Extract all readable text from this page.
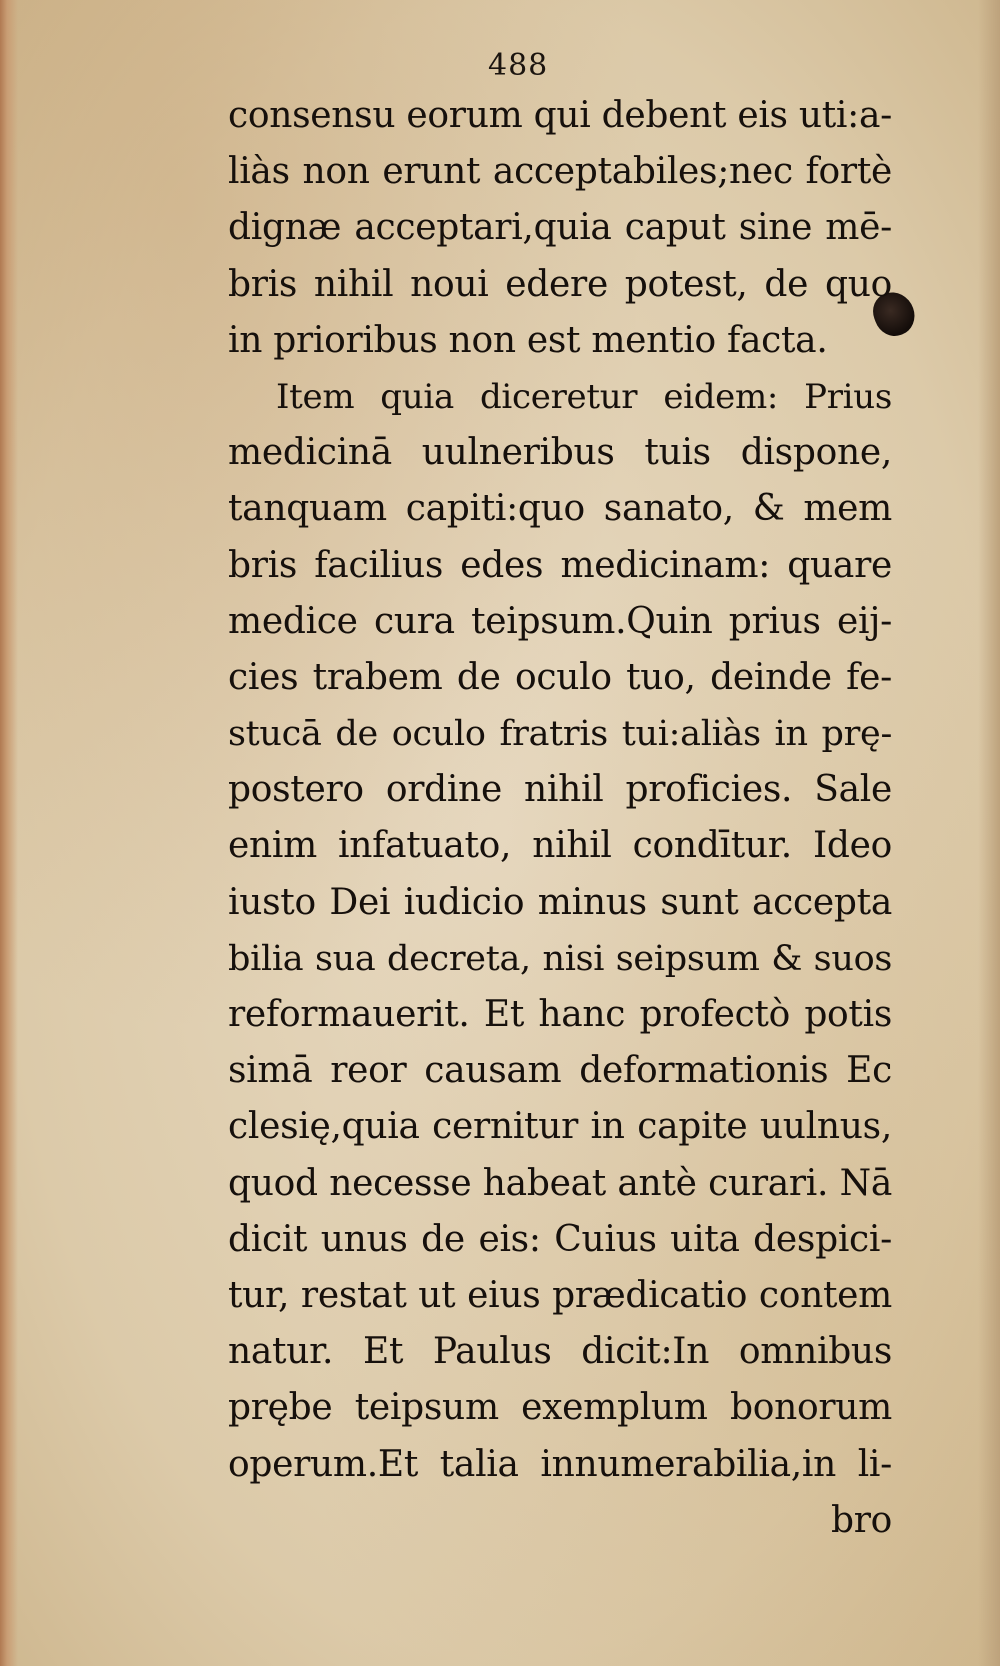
488
consensu eorum qui debent eis uti:a-
liàs non erunt acceptabiles;nec fortè
dignæ acceptari,quia caput sine mē-
bris nihil noui edere potest, de quo
in prioribus non est mentio facta.
Item quia diceretur eidem: Prius
medicinā uulneribus tuis dispone,
tanquam capiti:quo sanato, & mem
bris facilius edes medicinam: quare
medice cura teipsum.Quin prius eij-
cies trabem de oculo tuo, deinde fe-
stucā de oculo fratris tui:aliàs in prę-
postero ordine nihil proficies. Sale
enim infatuato, nihil condītur. Ideo
iusto Dei iudicio minus sunt accepta
bilia sua decreta, nisi seipsum & suos
reformauerit. Et hanc profectò potis
simā reor causam deformationis Ec
clesię,quia cernitur in capite uulnus,
quod necesse habeat antè curari. Nā
dicit unus de eis: Cuius uita despici-
tur, restat ut eius prædicatio contem
natur. Et Paulus dicit:In omnibus
prębe teipsum exemplum bonorum
operum.Et talia innumerabilia,in li-
bro
